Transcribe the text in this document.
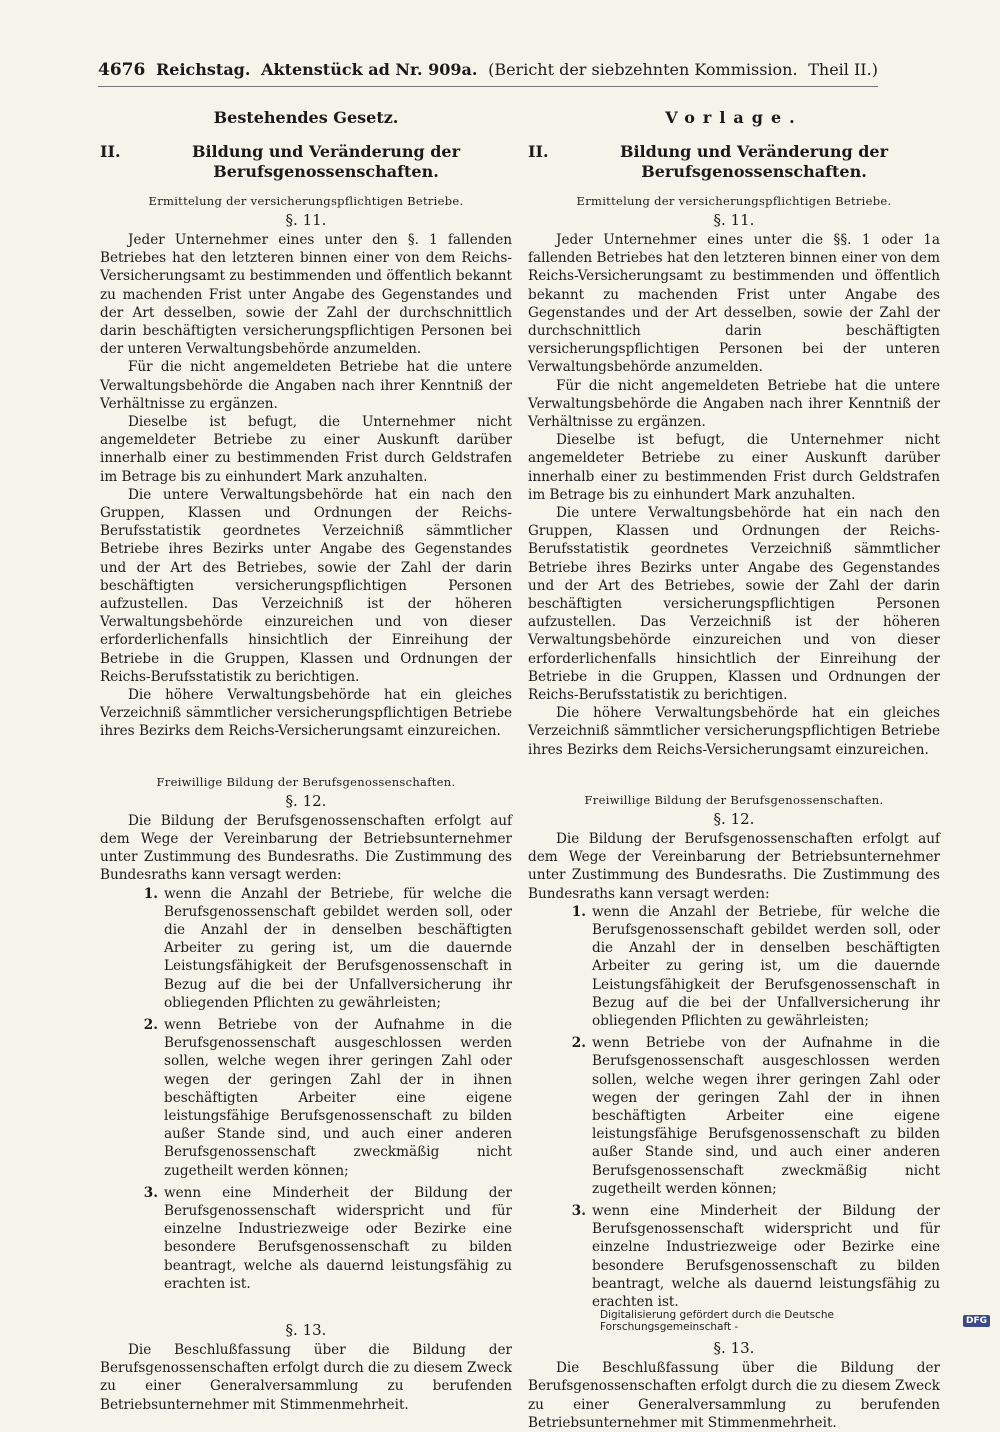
4676 Reichstag. Aktenstück ad Nr. 909a. (Bericht der siebzehnten Kommission. Theil II.)
Bestehendes Gesetz.
II.	Bildung und Veränderung der Berufsgenossenschaften.
Ermittelung der versicherungspflichtigen Betriebe.
§. 11.

Jeder Unternehmer eines unter den §. 1 fallenden Betriebes hat den letzteren binnen einer von dem Reichs-Versicherungsamt zu bestimmenden und öffentlich bekannt zu machenden Frist unter Angabe des Gegenstandes und der Art desselben, sowie der Zahl der durchschnittlich darin beschäftigten versicherungspflichtigen Personen bei der unteren Verwaltungsbehörde anzumelden.

Für die nicht angemeldeten Betriebe hat die untere Verwaltungsbehörde die Angaben nach ihrer Kenntniß der Verhältnisse zu ergänzen.

Dieselbe ist befugt, die Unternehmer nicht angemeldeter Betriebe zu einer Auskunft darüber innerhalb einer zu bestimmenden Frist durch Geldstrafen im Betrage bis zu einhundert Mark anzuhalten.

Die untere Verwaltungsbehörde hat ein nach den Gruppen, Klassen und Ordnungen der Reichs-Berufsstatistik geordnetes Verzeichniß sämmtlicher Betriebe ihres Bezirks unter Angabe des Gegenstandes und der Art des Betriebes, sowie der Zahl der darin beschäftigten versicherungspflichtigen Personen aufzustellen. Das Verzeichniß ist der höheren Verwaltungsbehörde einzureichen und von dieser erforderlichenfalls hinsichtlich der Einreihung der Betriebe in die Gruppen, Klassen und Ordnungen der Reichs-Berufsstatistik zu berichtigen.

Die höhere Verwaltungsbehörde hat ein gleiches Verzeichniß sämmtlicher versicherungspflichtigen Betriebe ihres Bezirks dem Reichs-Versicherungsamt einzureichen.

Freiwillige Bildung der Berufsgenossenschaften.
§. 12.

Die Bildung der Berufsgenossenschaften erfolgt auf dem Wege der Vereinbarung der Betriebsunternehmer unter Zustimmung des Bundesraths. Die Zustimmung des Bundesraths kann versagt werden:

1. wenn die Anzahl der Betriebe, für welche die Berufsgenossenschaft gebildet werden soll, oder die Anzahl der in denselben beschäftigten Arbeiter zu gering ist, um die dauernde Leistungsfähigkeit der Berufsgenossenschaft in Bezug auf die bei der Unfallversicherung ihr obliegenden Pflichten zu gewährleisten;
2. wenn Betriebe von der Aufnahme in die Berufsgenossenschaft ausgeschlossen werden sollen, welche wegen ihrer geringen Zahl oder wegen der geringen Zahl der in ihnen beschäftigten Arbeiter eine eigene leistungsfähige Berufsgenossenschaft zu bilden außer Stande sind, und auch einer anderen Berufsgenossenschaft zweckmäßig nicht zugetheilt werden können;
3. wenn eine Minderheit der Bildung der Berufsgenossenschaft widerspricht und für einzelne Industriezweige oder Bezirke eine besondere Berufsgenossenschaft zu bilden beantragt, welche als dauernd leistungsfähig zu erachten ist.
§. 13.

Die Beschlußfassung über die Bildung der Berufsgenossenschaften erfolgt durch die zu diesem Zweck zu einer Generalversammlung zu berufenden Betriebsunternehmer mit Stimmenmehrheit.

Vorlage.
II.	Bildung und Veränderung der Berufsgenossenschaften.
Ermittelung der versicherungspflichtigen Betriebe.
§. 11.

Jeder Unternehmer eines unter die §§. 1 oder 1a fallenden Betriebes hat den letzteren binnen einer von dem Reichs-Versicherungsamt zu bestimmenden und öffentlich bekannt zu machenden Frist unter Angabe des Gegenstandes und der Art desselben, sowie der Zahl der durchschnittlich darin beschäftigten versicherungspflichtigen Personen bei der unteren Verwaltungsbehörde anzumelden.

Für die nicht angemeldeten Betriebe hat die untere Verwaltungsbehörde die Angaben nach ihrer Kenntniß der Verhältnisse zu ergänzen.

Dieselbe ist befugt, die Unternehmer nicht angemeldeter Betriebe zu einer Auskunft darüber innerhalb einer zu bestimmenden Frist durch Geldstrafen im Betrage bis zu einhundert Mark anzuhalten.

Die untere Verwaltungsbehörde hat ein nach den Gruppen, Klassen und Ordnungen der Reichs-Berufsstatistik geordnetes Verzeichniß sämmtlicher Betriebe ihres Bezirks unter Angabe des Gegenstandes und der Art des Betriebes, sowie der Zahl der darin beschäftigten versicherungspflichtigen Personen aufzustellen. Das Verzeichniß ist der höheren Verwaltungsbehörde einzureichen und von dieser erforderlichenfalls hinsichtlich der Einreihung der Betriebe in die Gruppen, Klassen und Ordnungen der Reichs-Berufsstatistik zu berichtigen.

Die höhere Verwaltungsbehörde hat ein gleiches Verzeichniß sämmtlicher versicherungspflichtigen Betriebe ihres Bezirks dem Reichs-Versicherungsamt einzureichen.

Freiwillige Bildung der Berufsgenossenschaften.
§. 12.

Die Bildung der Berufsgenossenschaften erfolgt auf dem Wege der Vereinbarung der Betriebsunternehmer unter Zustimmung des Bundesraths. Die Zustimmung des Bundesraths kann versagt werden:

1. wenn die Anzahl der Betriebe, für welche die Berufsgenossenschaft gebildet werden soll, oder die Anzahl der in denselben beschäftigten Arbeiter zu gering ist, um die dauernde Leistungsfähigkeit der Berufsgenossenschaft in Bezug auf die bei der Unfallversicherung ihr obliegenden Pflichten zu gewährleisten;
2. wenn Betriebe von der Aufnahme in die Berufsgenossenschaft ausgeschlossen werden sollen, welche wegen ihrer geringen Zahl oder wegen der geringen Zahl der in ihnen beschäftigten Arbeiter eine eigene leistungsfähige Berufsgenossenschaft zu bilden außer Stande sind, und auch einer anderen Berufsgenossenschaft zweckmäßig nicht zugetheilt werden können;
3. wenn eine Minderheit der Bildung der Berufsgenossenschaft widerspricht und für einzelne Industriezweige oder Bezirke eine besondere Berufsgenossenschaft zu bilden beantragt, welche als dauernd leistungsfähig zu erachten ist.
§. 13.

Die Beschlußfassung über die Bildung der Berufsgenossenschaften erfolgt durch die zu diesem Zweck zu einer Generalversammlung zu berufenden Betriebsunternehmer mit Stimmenmehrheit.

Digitalisierung gefördert durch die Deutsche Forschungsgemeinschaft -	DFG
